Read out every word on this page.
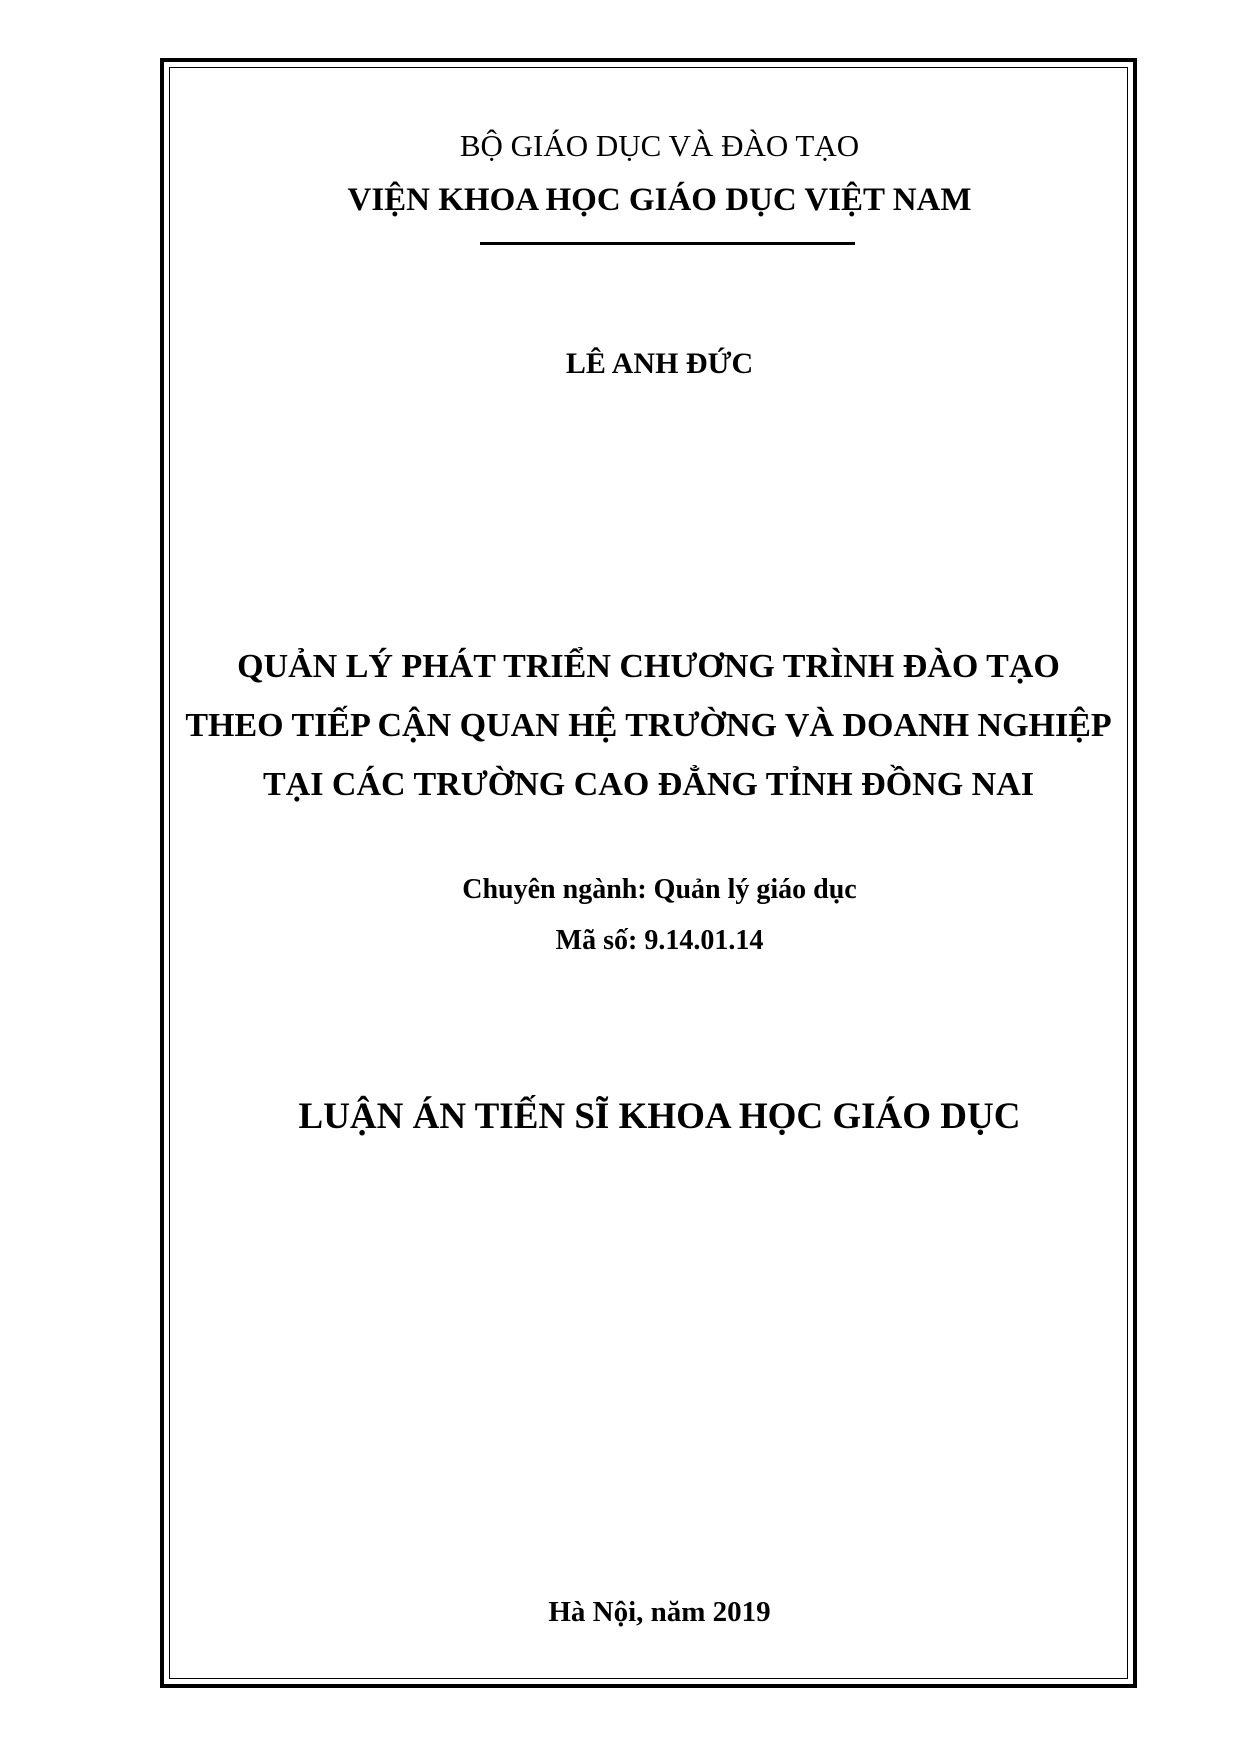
BỘ GIÁO DỤC VÀ ĐÀO TẠO
VIỆN KHOA HỌC GIÁO DỤC VIỆT NAM
LÊ ANH ĐỨC
QUẢN LÝ PHÁT TRIỂN CHƯƠNG TRÌNH ĐÀO TẠO
THEO TIẾP CẬN QUAN HỆ TRƯỜNG VÀ DOANH NGHIỆP
TẠI CÁC TRƯỜNG CAO ĐẲNG TỈNH ĐỒNG NAI
Chuyên ngành: Quản lý giáo dục
Mã số: 9.14.01.14
LUẬN ÁN TIẾN SĨ KHOA HỌC GIÁO DỤC
Hà Nội, năm 2019
